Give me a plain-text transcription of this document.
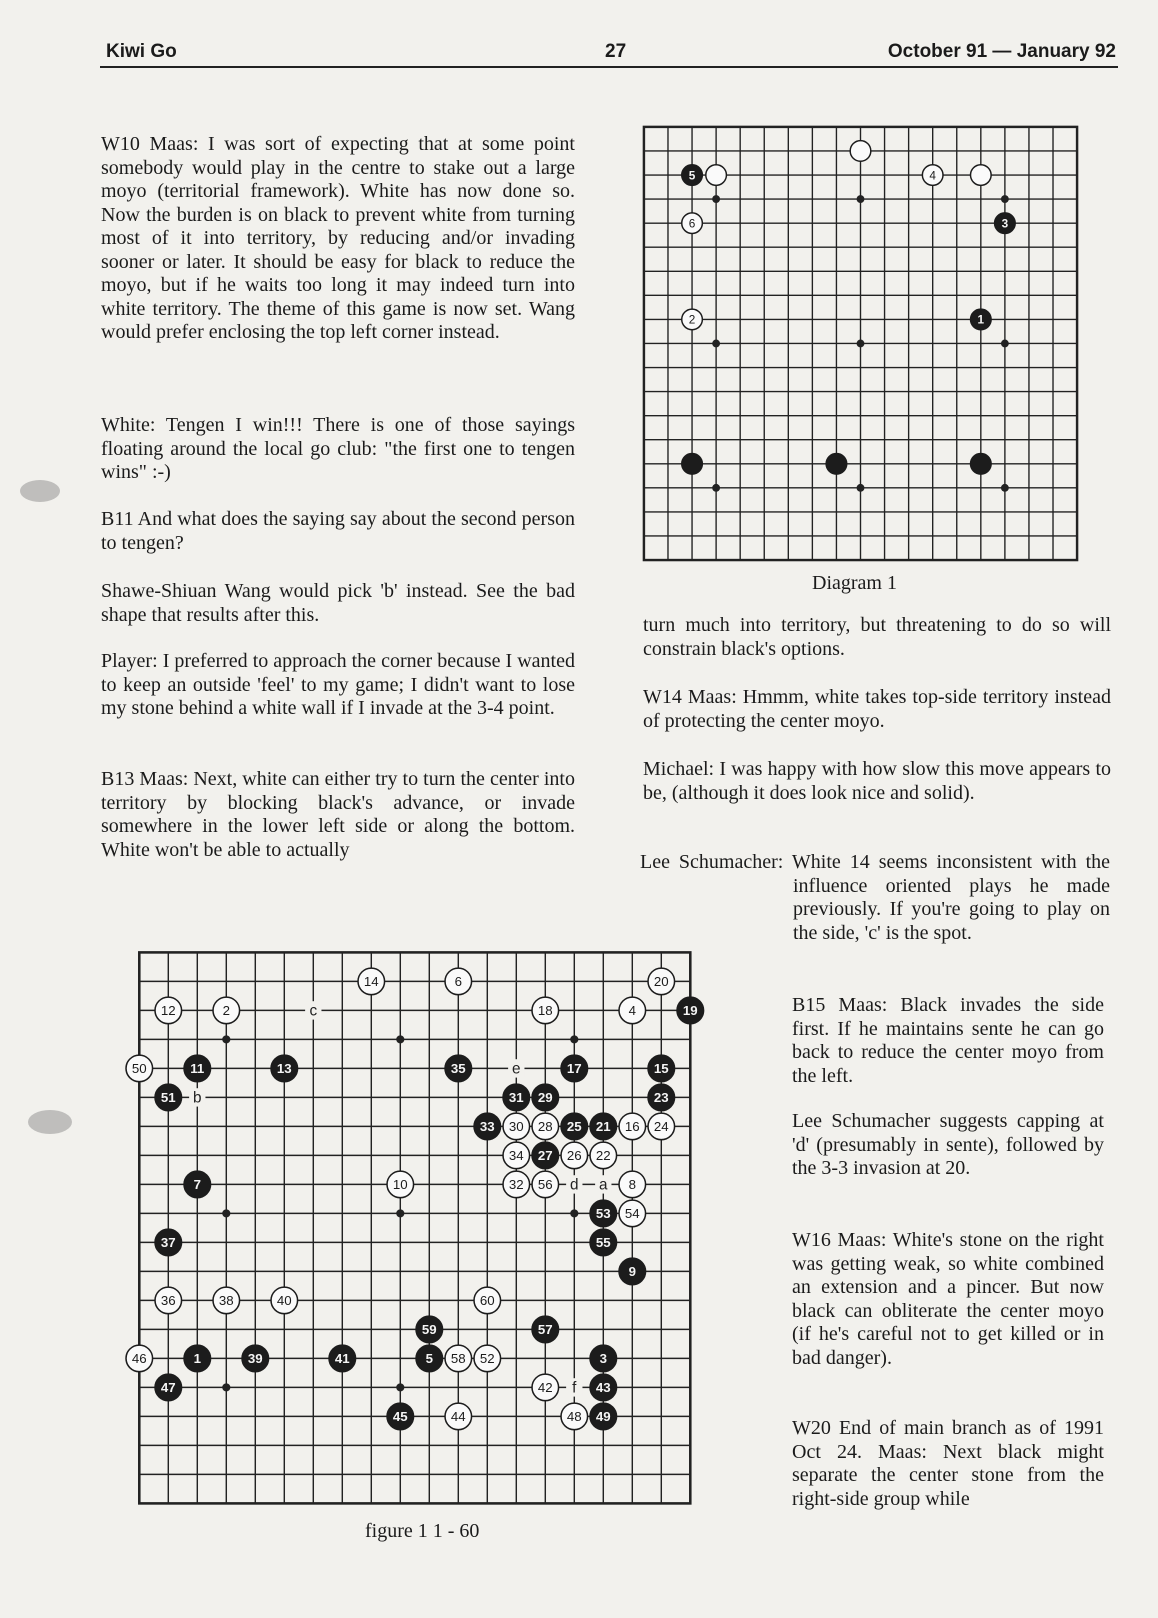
Kiwi Go	27	October 91 — January 92

W10 Maas: I was sort of expecting that at some point somebody would play in the centre to stake out a large moyo (territorial framework). White has now done so. Now the burden is on black to prevent white from turning most of it into territory, by reducing and/or invading sooner or later. It should be easy for black to reduce the moyo, but if he waits too long it may indeed turn into white territory. The theme of this game is now set. Wang would prefer enclosing the top left corner instead.

White: Tengen I win!!! There is one of those sayings floating around the local go club: "the first one to tengen wins" :-)

B11 And what does the saying say about the second person to tengen?

Shawe-Shiuan Wang would pick 'b' instead. See the bad shape that results after this.

Player: I preferred to approach the corner because I wanted to keep an outside 'feel' to my game; I didn't want to lose my stone behind a white wall if I invade at the 3-4 point.

B13 Maas: Next, white can either try to turn the center into territory by blocking black's advance, or invade somewhere in the lower left side or along the bottom. White won't be able to actually

5
6
2
4
3
1
Diagram 1

turn much into territory, but threatening to do so will constrain black's options.

W14 Maas: Hmmm, white takes top-side territory instead of protecting the center moyo.

Michael: I was happy with how slow this move appears to be, (although it does look nice and solid).

Lee Schumacher: White 14 seems inconsistent with the influence oriented plays he made previously. If you're going to play on the side, 'c' is the spot.

B15 Maas: Black invades the side first. If he maintains sente he can go back to reduce the center moyo from the left.

Lee Schumacher suggests capping at 'd' (presumably in sente), followed by the 3-3 invasion at 20.

W16 Maas: White's stone on the right was getting weak, so white combined an extension and a pincer. But now black can obliterate the center moyo (if he's careful not to get killed or in bad danger).

W20 End of main branch as of 1991 Oct 24. Maas: Next black might separate the center stone from the right-side group while

c
e
b
d a
f
14	6	20
12	2	18	4	19
50	11	13	35	17	15
51	31 29	23
33 30 28 25 21 16 24
34 27 26 22
7	10	32 56	8
53 54
37	55
9
36	38	40	60
59	57
46	1	39	41	5 58 52	3
47	42	43
45	44	48 49
figure 1 1 - 60
